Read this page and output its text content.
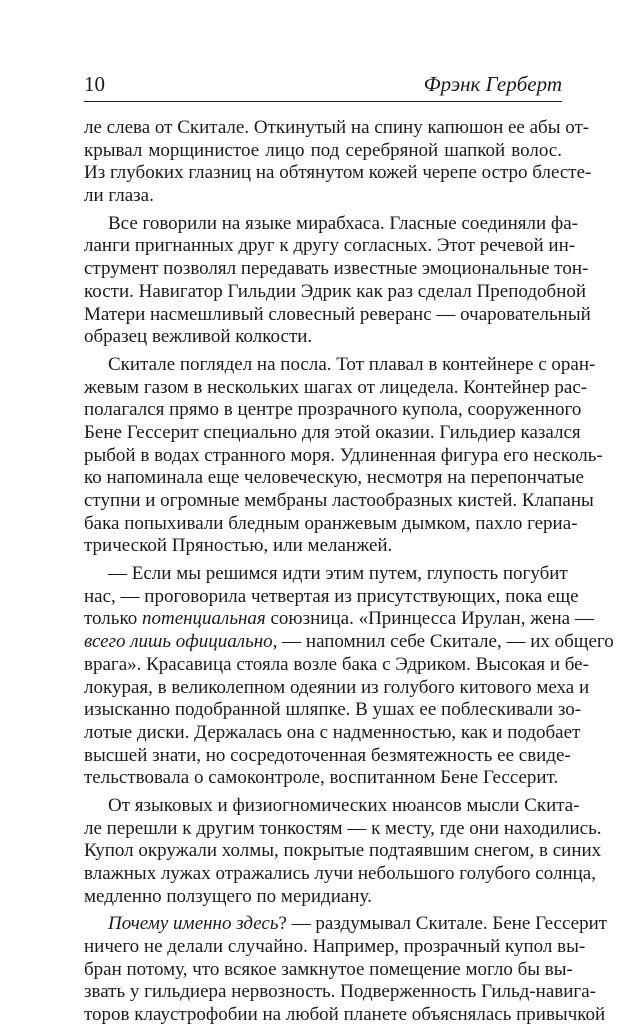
10	Фрэнк Герберт
ле слева от Скитале. Откинутый на спину капюшон ее абы от-
крывал морщинистое лицо под серебряной шапкой волос.
Из глубоких глазниц на обтянутом кожей черепе остро блесте-
ли глаза.
Все говорили на языке мирабхаса. Гласные соединяли фа-
ланги пригнанных друг к другу согласных. Этот речевой ин-
струмент позволял передавать известные эмоциональные тон-
кости. Навигатор Гильдии Эдрик как раз сделал Преподобной
Матери насмешливый словесный реверанс — очаровательный
образец вежливой колкости.
Скитале поглядел на посла. Тот плавал в контейнере с оран-
жевым газом в нескольких шагах от лицедела. Контейнер рас-
полагался прямо в центре прозрачного купола, сооруженного
Бене Гессерит специально для этой оказии. Гильдиер казался
рыбой в водах странного моря. Удлиненная фигура его несколь-
ко напоминала еще человеческую, несмотря на перепончатые
ступни и огромные мембраны ластообразных кистей. Клапаны
бака попыхивали бледным оранжевым дымком, пахло гериа-
трической Пряностью, или меланжей.
— Если мы решимся идти этим путем, глупость погубит
нас, — проговорила четвертая из присутствующих, пока еще
только потенциальная союзница. «Принцесса Ирулан, жена —
всего лишь официально, — напомнил себе Скитале, — их общего
врага». Красавица стояла возле бака с Эдриком. Высокая и бе-
локурая, в великолепном одеянии из голубого китового меха и
изысканно подобранной шляпке. В ушах ее поблескивали зо-
лотые диски. Держалась она с надменностью, как и подобает
высшей знати, но сосредоточенная безмятежность ее свиде-
тельствовала о самоконтроле, воспитанном Бене Гессерит.
От языковых и физиогномических нюансов мысли Скита-
ле перешли к другим тонкостям — к месту, где они находились.
Купол окружали холмы, покрытые подтаявшим снегом, в синих
влажных лужах отражались лучи небольшого голубого солнца,
медленно ползущего по меридиану.
Почему именно здесь? — раздумывал Скитале. Бене Гессерит
ничего не делали случайно. Например, прозрачный купол вы-
бран потому, что всякое замкнутое помещение могло бы вы-
звать у гильдиера нервозность. Подверженность Гильд-навига-
торов клаустрофобии на любой планете объяснялась привычкой
